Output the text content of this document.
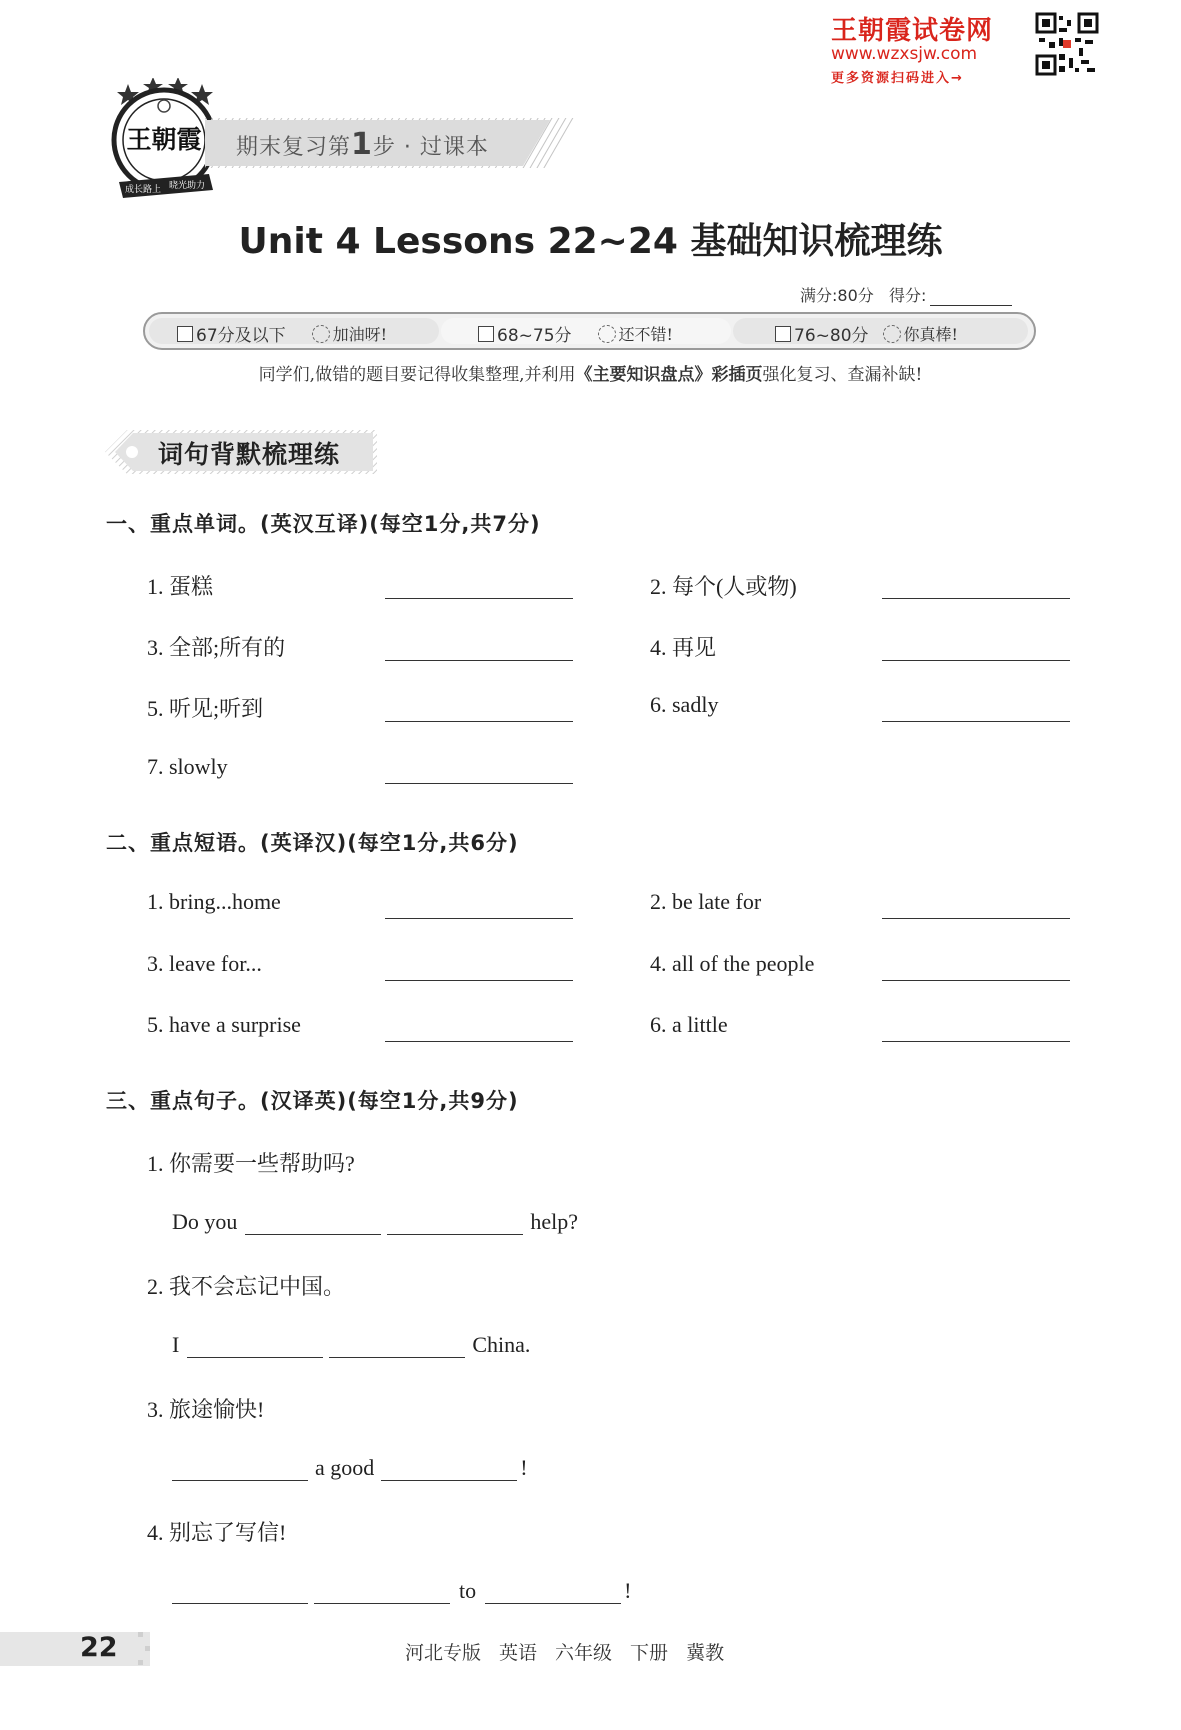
王朝霞试卷网
www.wzxsjw.com
更多资源扫码进入→
王朝霞
成长路上 晓光助力
期末复习第1步 · 过课本
Unit 4 Lessons 22~24 基础知识梳理练
满分:80分 得分:
67分及以下	加油呀!	68~75分	还不错!	76~80分 你真棒!
同学们,做错的题目要记得收集整理,并利用《主要知识盘点》彩插页强化复习、查漏补缺!
词句背默梳理练
一、重点单词。(英汉互译)(每空1分,共7分)
1. 蛋糕	2. 每个(人或物)
3. 全部;所有的	4. 再见
5. 听见;听到	6. sadly
7. slowly
二、重点短语。(英译汉)(每空1分,共6分)
1. bring...home	2. be late for
3. leave for...	4. all of the people
5. have a surprise	6. a little
三、重点句子。(汉译英)(每空1分,共9分)
1. 你需要一些帮助吗?
Do you	help?
2. 我不会忘记中国。
I	China.
3. 旅途愉快!
a good	!
4. 别忘了写信!
to	!
22	河北专版 英语 六年级 下册 冀教
